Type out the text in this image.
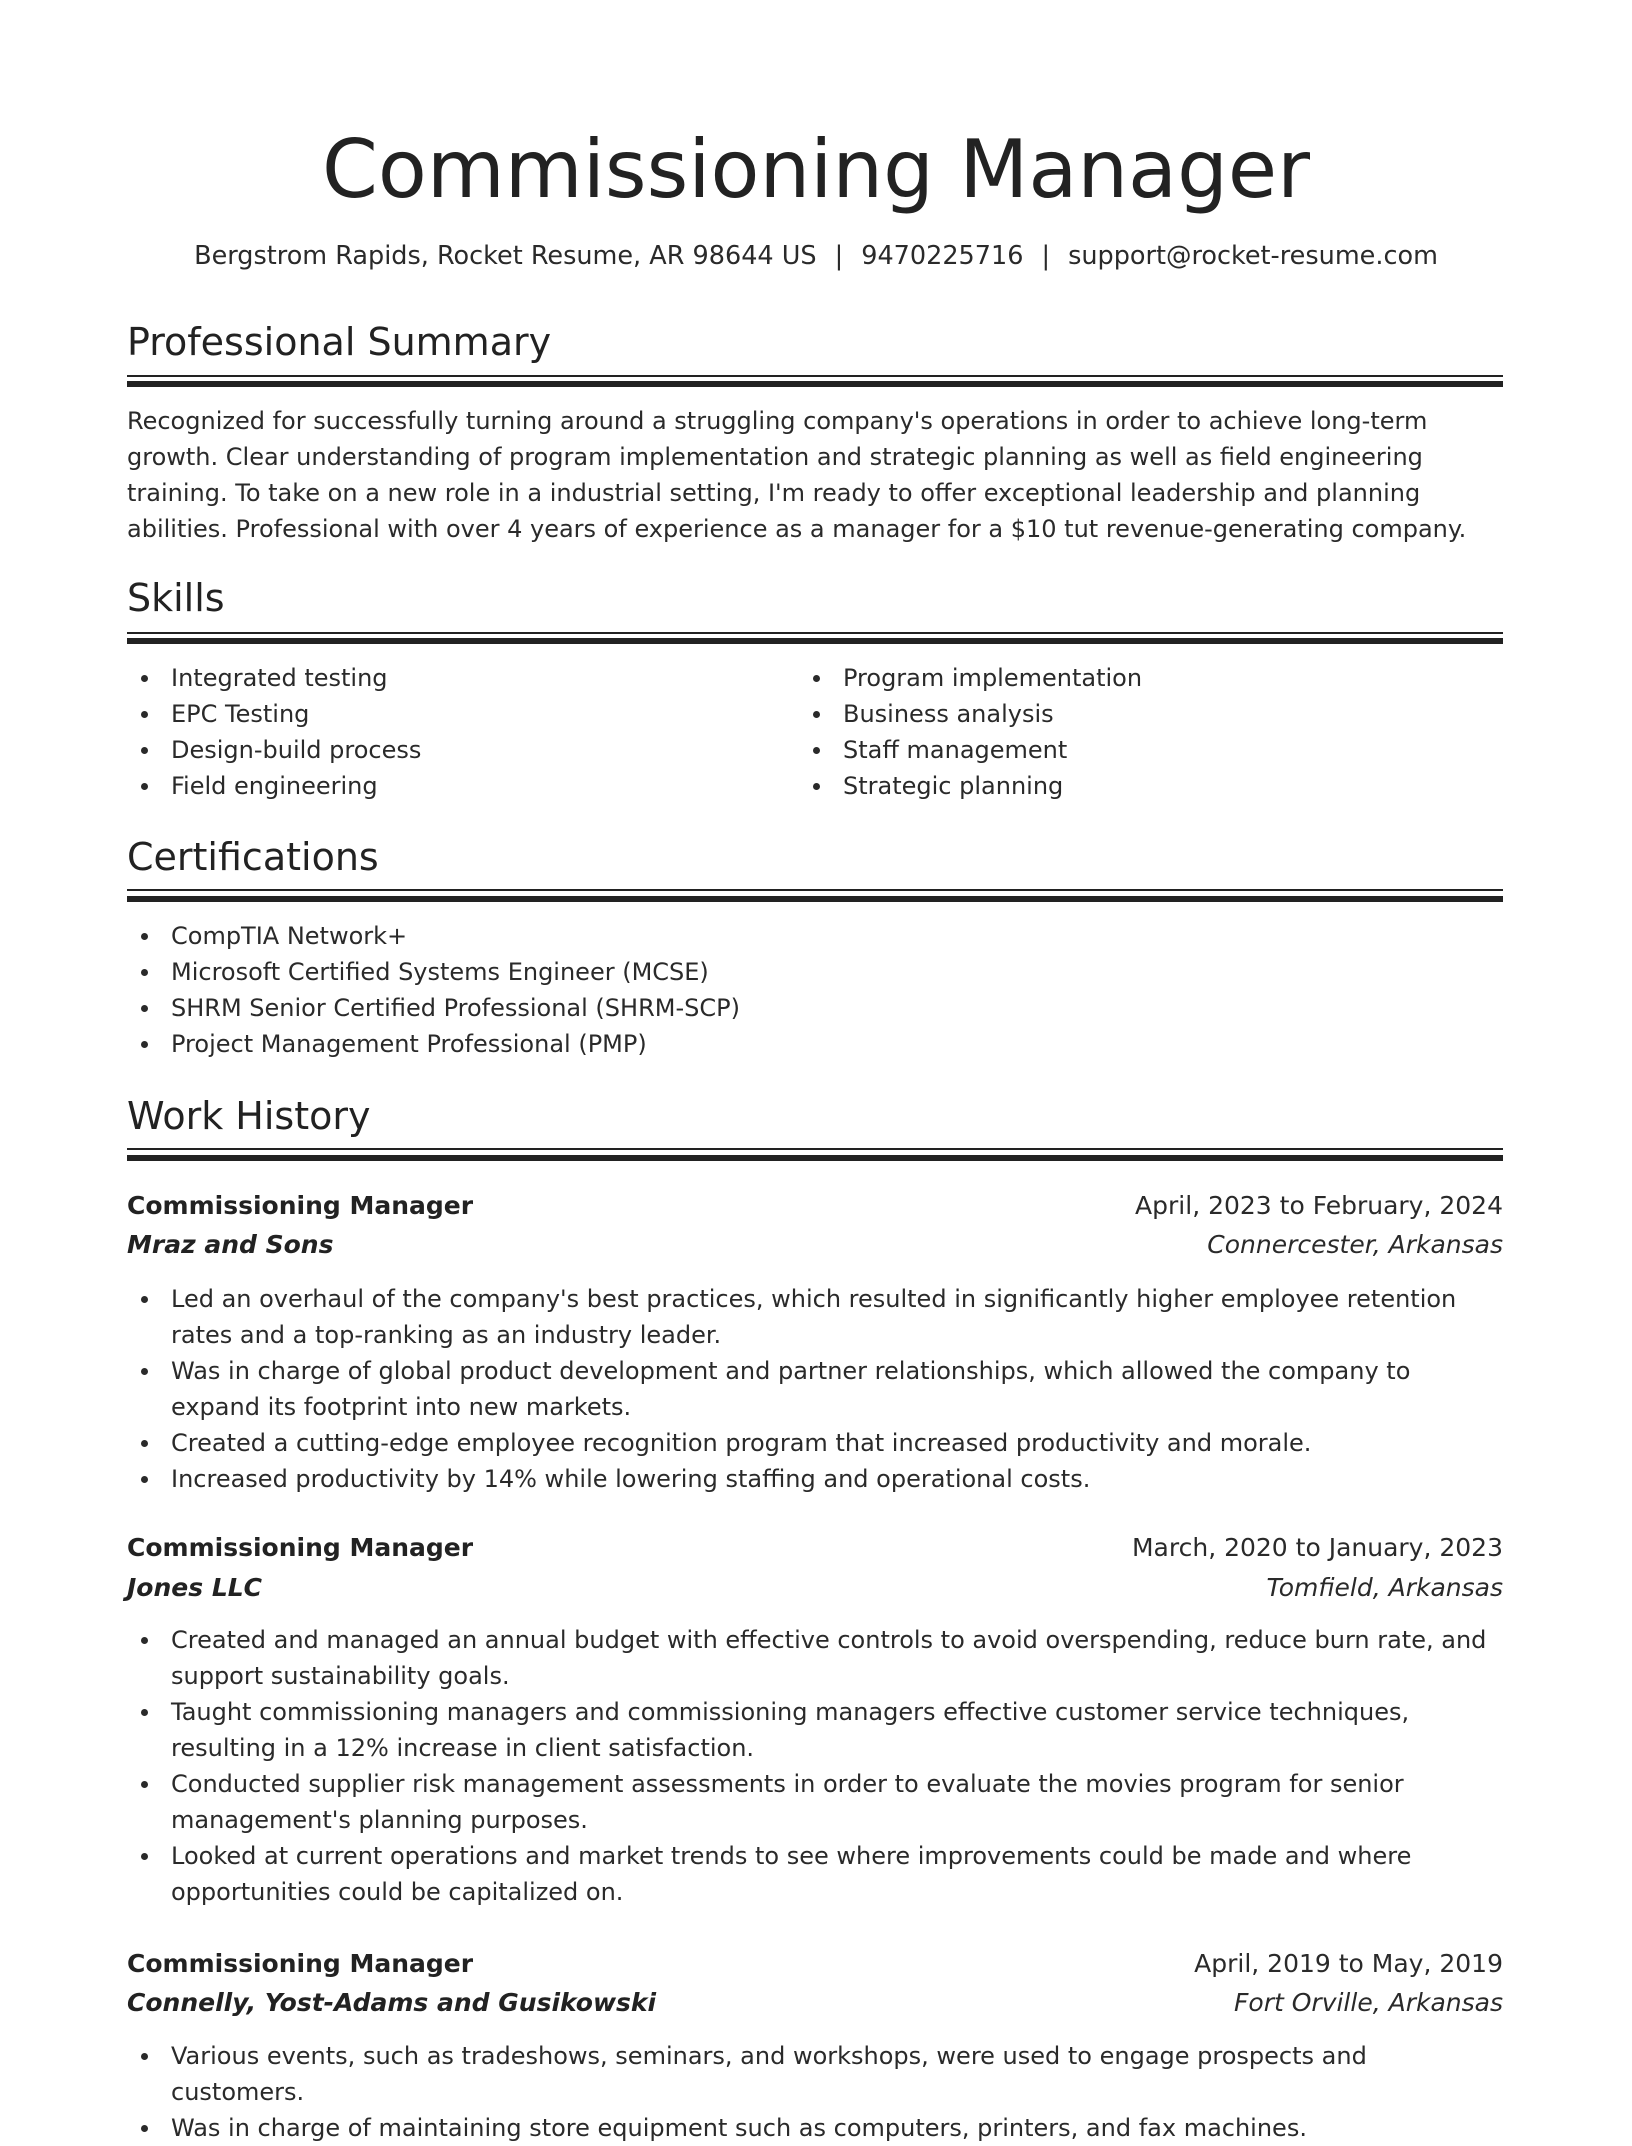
Commissioning Manager
Bergstrom Rapids, Rocket Resume, AR 98644 US | 9470225716 | support@rocket-resume.com
Professional Summary

Recognized for successfully turning around a struggling company's operations in order to achieve long-term growth. Clear understanding of program implementation and strategic planning as well as field engineering training. To take on a new role in a industrial setting, I'm ready to offer exceptional leadership and planning abilities. Professional with over 4 years of experience as a manager for a $10 tut revenue-generating company.

Skills
Integrated testing
EPC Testing
Design-build process
Field engineering
Program implementation
Business analysis
Staff management
Strategic planning
Certifications
CompTIA Network+
Microsoft Certified Systems Engineer (MCSE)
SHRM Senior Certified Professional (SHRM-SCP)
Project Management Professional (PMP)
Work History
Commissioning Manager	April, 2023 to February, 2024
Mraz and Sons	Connercester, Arkansas
Led an overhaul of the company's best practices, which resulted in significantly higher employee retention rates and a top-ranking as an industry leader.
Was in charge of global product development and partner relationships, which allowed the company to expand its footprint into new markets.
Created a cutting-edge employee recognition program that increased productivity and morale.
Increased productivity by 14% while lowering staffing and operational costs.
Commissioning Manager	March, 2020 to January, 2023
Jones LLC	Tomfield, Arkansas
Created and managed an annual budget with effective controls to avoid overspending, reduce burn rate, and support sustainability goals.
Taught commissioning managers and commissioning managers effective customer service techniques, resulting in a 12% increase in client satisfaction.
Conducted supplier risk management assessments in order to evaluate the movies program for senior management's planning purposes.
Looked at current operations and market trends to see where improvements could be made and where opportunities could be capitalized on.
Commissioning Manager	April, 2019 to May, 2019
Connelly, Yost-Adams and Gusikowski	Fort Orville, Arkansas
Various events, such as tradeshows, seminars, and workshops, were used to engage prospects and customers.
Was in charge of maintaining store equipment such as computers, printers, and fax machines.
